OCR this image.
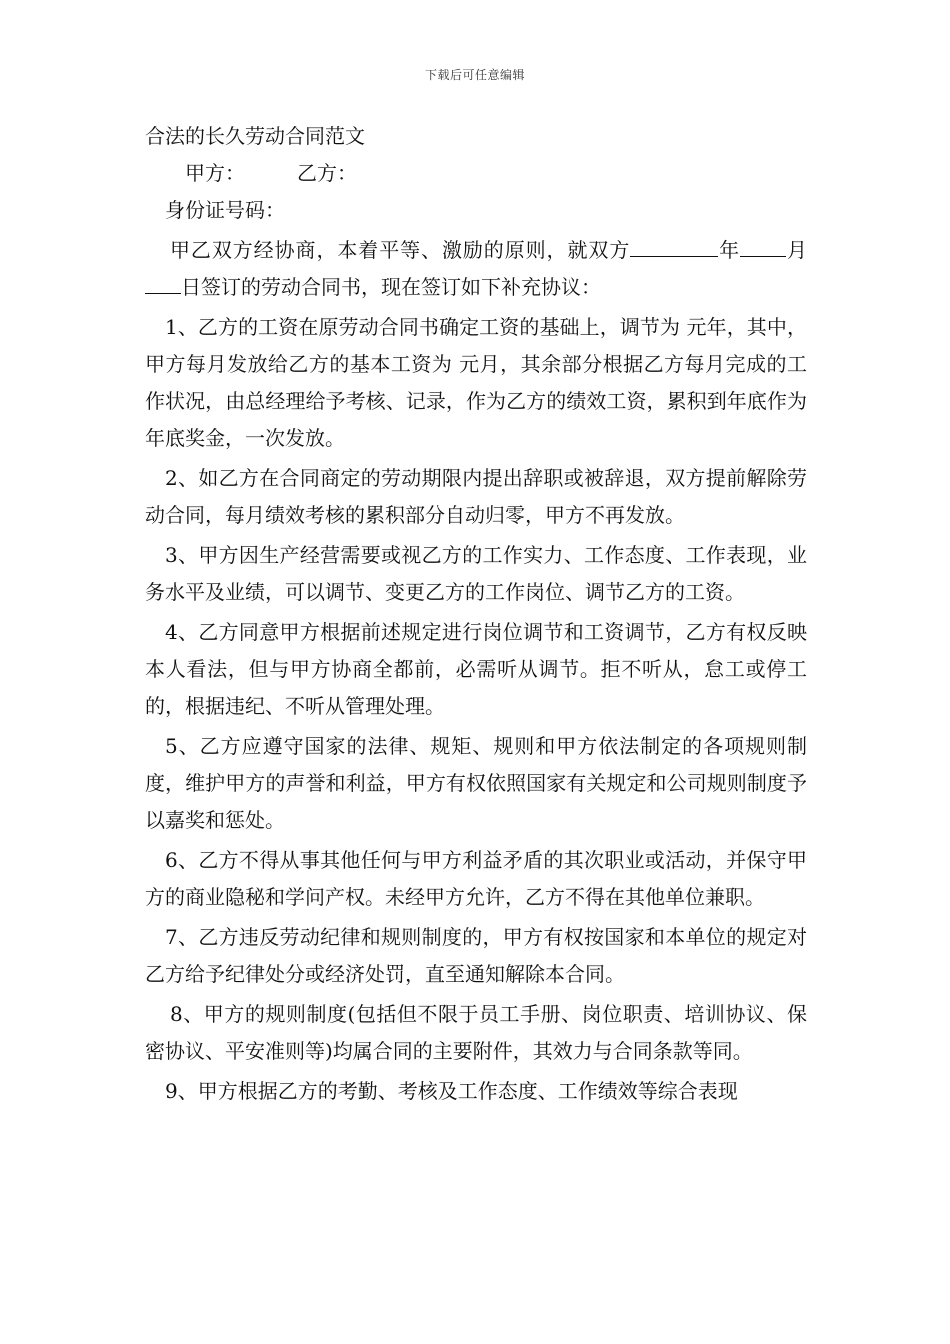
下载后可任意编辑
合法的长久劳动合同范文

甲方：	乙方：

身份证号码：

甲乙双方经协商，本着平等、激励的原则，就双方	年 月日签订的劳动合同书，现在签订如下补充协议：

1、乙方的工资在原劳动合同书确定工资的基础上，调节为 元年，其中，甲方每月发放给乙方的基本工资为 元月，其余部分根据乙方每月完成的工作状况，由总经理给予考核、记录，作为乙方的绩效工资，累积到年底作为年底奖金，一次发放。

2、如乙方在合同商定的劳动期限内提出辞职或被辞退，双方提前解除劳动合同，每月绩效考核的累积部分自动归零，甲方不再发放。

3、甲方因生产经营需要或视乙方的工作实力、工作态度、工作表现，业务水平及业绩，可以调节、变更乙方的工作岗位、调节乙方的工资。

4、乙方同意甲方根据前述规定进行岗位调节和工资调节，乙方有权反映本人看法，但与甲方协商全都前，必需听从调节。拒不听从，怠工或停工的，根据违纪、不听从管理处理。

5、乙方应遵守国家的法律、规矩、规则和甲方依法制定的各项规则制度，维护甲方的声誉和利益，甲方有权依照国家有关规定和公司规则制度予以嘉奖和惩处。

6、乙方不得从事其他任何与甲方利益矛盾的其次职业或活动，并保守甲方的商业隐秘和学问产权。未经甲方允许，乙方不得在其他单位兼职。

7、乙方违反劳动纪律和规则制度的，甲方有权按国家和本单位的规定对乙方给予纪律处分或经济处罚，直至通知解除本合同。

8、甲方的规则制度(包括但不限于员工手册、岗位职责、培训协议、保密协议、平安准则等)均属合同的主要附件，其效力与合同条款等同。

9、甲方根据乙方的考勤、考核及工作态度、工作绩效等综合表现
